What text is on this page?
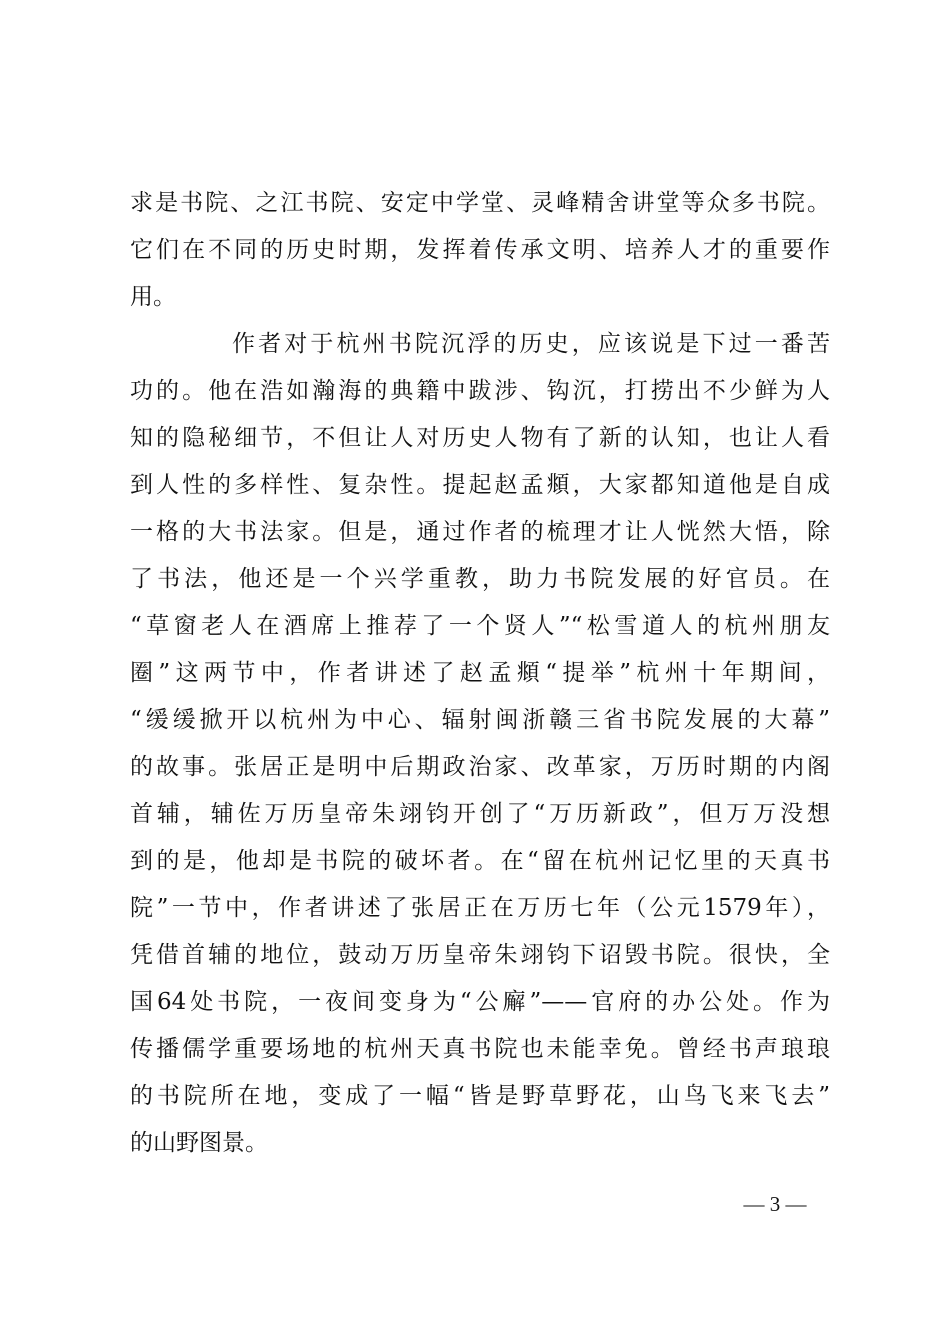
求是书院、之江书院、安定中学堂、灵峰精舍讲堂等众多书院。
它们在不同的历史时期，发挥着传承文明、培养人才的重要作
用。
作者对于杭州书院沉浮的历史，应该说是下过一番苦
功的。他在浩如瀚海的典籍中跋涉、钩沉，打捞出不少鲜为人
知的隐秘细节，不但让人对历史人物有了新的认知，也让人看
到人性的多样性、复杂性。提起赵孟頫，大家都知道他是自成
一格的大书法家。但是，通过作者的梳理才让人恍然大悟，除
了书法，他还是一个兴学重教，助力书院发展的好官员。在
“草窗老人在酒席上推荐了一个贤人”“松雪道人的杭州朋友
圈”这两节中，作者讲述了赵孟頫“提举”杭州十年期间，
“缓缓掀开以杭州为中心、辐射闽浙赣三省书院发展的大幕”
的故事。张居正是明中后期政治家、改革家，万历时期的内阁
首辅，辅佐万历皇帝朱翊钧开创了“万历新政”，但万万没想
到的是，他却是书院的破坏者。在“留在杭州记忆里的天真书
院”一节中，作者讲述了张居正在万历七年（公元1579年），
凭借首辅的地位，鼓动万历皇帝朱翊钧下诏毁书院。很快，全
国64处书院，一夜间变身为“公廨”——官府的办公处。作为
传播儒学重要场地的杭州天真书院也未能幸免。曾经书声琅琅
的书院所在地，变成了一幅“皆是野草野花，山鸟飞来飞去”
的山野图景。
— 3 —
